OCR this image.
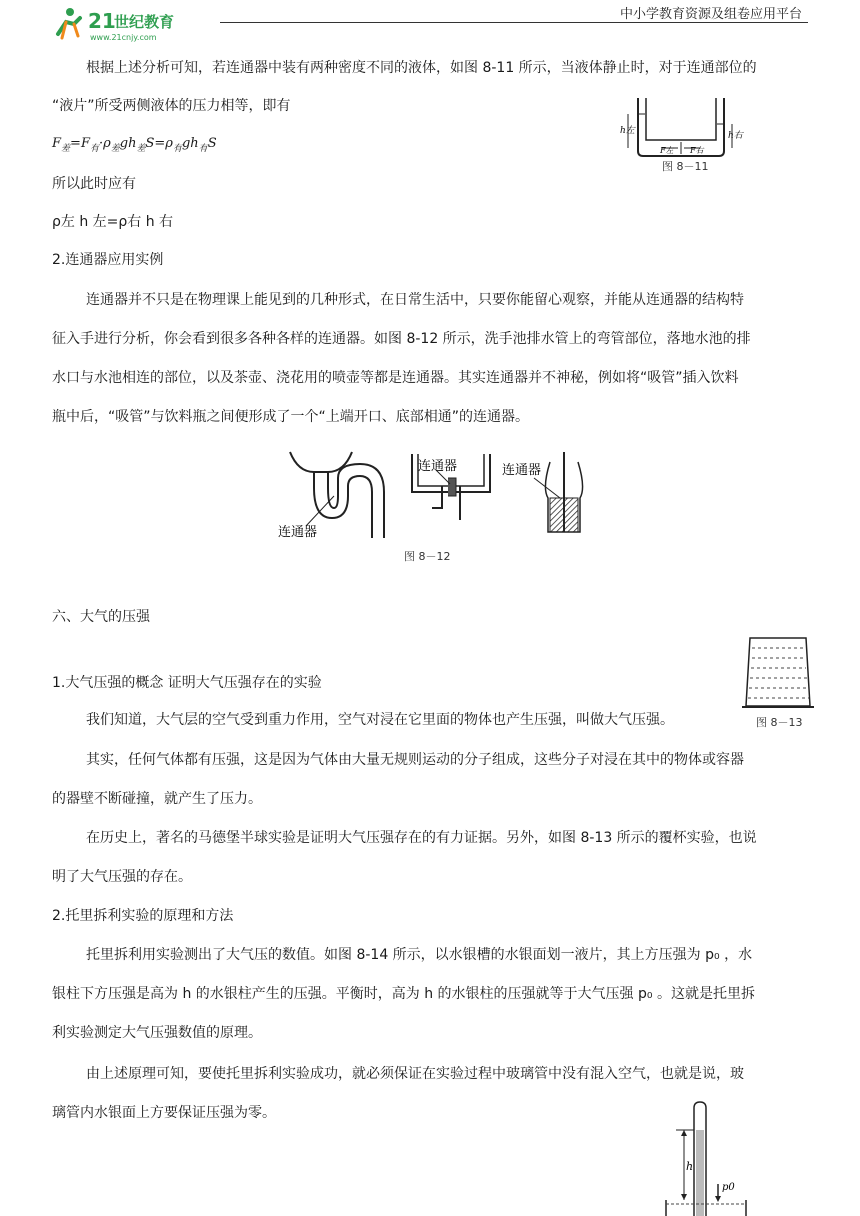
21
世纪教育
www.21cnjy.com
中小学教育资源及组卷应用平台
根据上述分析可知，若连通器中装有两种密度不同的液体，如图 8-11 所示，当液体静止时，对于连通部位的
“液片”所受两侧液体的压力相等，即有
$F_差=F_有\cdot\rho_差gh_差S=\rho_有gh_有S$
所以此时应有
ρ左 h 左=ρ右 h 右
2.连通器应用实例
连通器并不只是在物理课上能见到的几种形式，在日常生活中，只要你能留心观察，并能从连通器的结构特
征入手进行分析，你会看到很多各种各样的连通器。如图 8-12 所示，洗手池排水管上的弯管部位，落地水池的排
水口与水池相连的部位，以及茶壶、浇花用的喷壶等都是连通器。其实连通器并不神秘，例如将“吸管”插入饮料
瓶中后，“吸管”与饮料瓶之间便形成了一个“上端开口、底部相通”的连通器。
六、大气的压强
1.大气压强的概念 证明大气压强存在的实验
我们知道，大气层的空气受到重力作用，空气对浸在它里面的物体也产生压强，叫做大气压强。
其实，任何气体都有压强，这是因为气体由大量无规则运动的分子组成，这些分子对浸在其中的物体或容器
的器壁不断碰撞，就产生了压力。
在历史上，著名的马德堡半球实验是证明大气压强存在的有力证据。另外，如图 8-13 所示的覆杯实验，也说
明了大气压强的存在。
2.托里拆利实验的原理和方法
托里拆利用实验测出了大气压的数值。如图 8-14 所示，以水银槽的水银面划一液片，其上方压强为 p₀ ，水
银柱下方压强是高为 h 的水银柱产生的压强。平衡时，高为 h 的水银柱的压强就等于大气压强 p₀ 。这就是托里拆
利实验测定大气压强数值的原理。
由上述原理可知，要使托里拆利实验成功，就必须保证在实验过程中玻璃管中没有混入空气，也就是说，玻
璃管内水银面上方要保证压强为零。
h左	h右
F左 F右
图 8－11
连通器
连通器	连通器
图 8－12
图 8－13
h
p0
